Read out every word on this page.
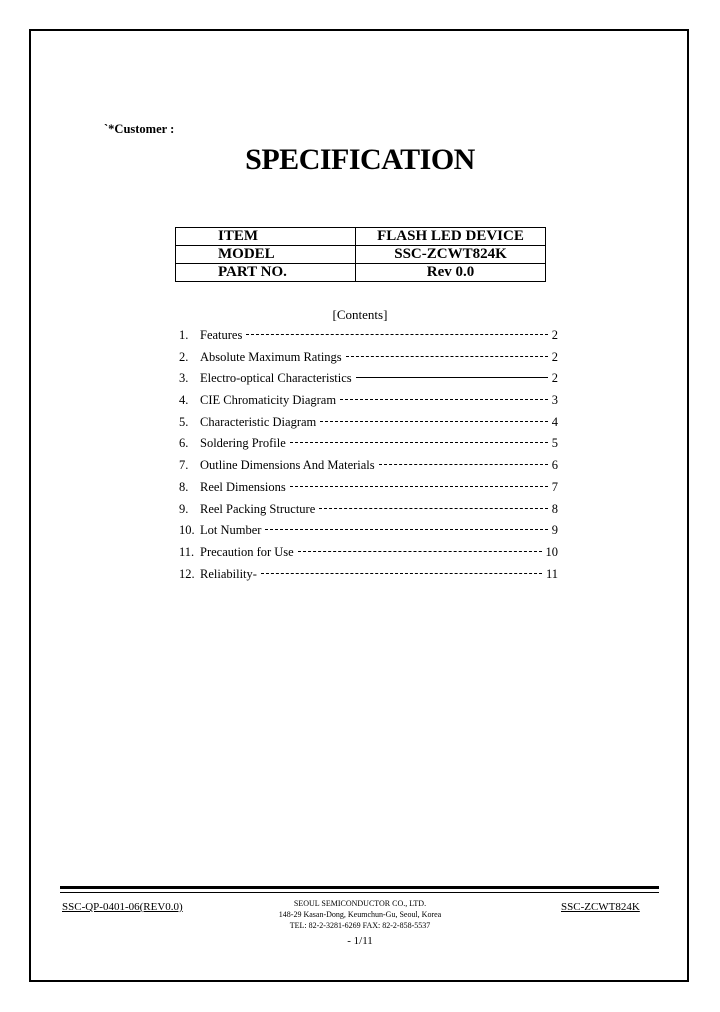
`*Customer :
SPECIFICATION
ITEM	FLASH LED DEVICE
MODEL	SSC-ZCWT824K
PART NO.	Rev 0.0
[Contents]
1. Features	2
2. Absolute Maximum Ratings	2
3. Electro-optical Characteristics	2
4. CIE Chromaticity Diagram	3
5. Characteristic Diagram	4
6. Soldering Profile	5
7. Outline Dimensions And Materials	6
8. Reel Dimensions	7
9. Reel Packing Structure	8
10. Lot Number	9
11. Precaution for Use	10
12. Reliability-	11
SSC-QP-0401-06(REV0.0)	SEOUL SEMICONDUCTOR CO., LTD.
148-29 Kasan-Dong, Keumchun-Gu, Seoul, Korea
TEL: 82-2-3281-6269 FAX: 82-2-858-5537
SSC-ZCWT824K
- 1/11
